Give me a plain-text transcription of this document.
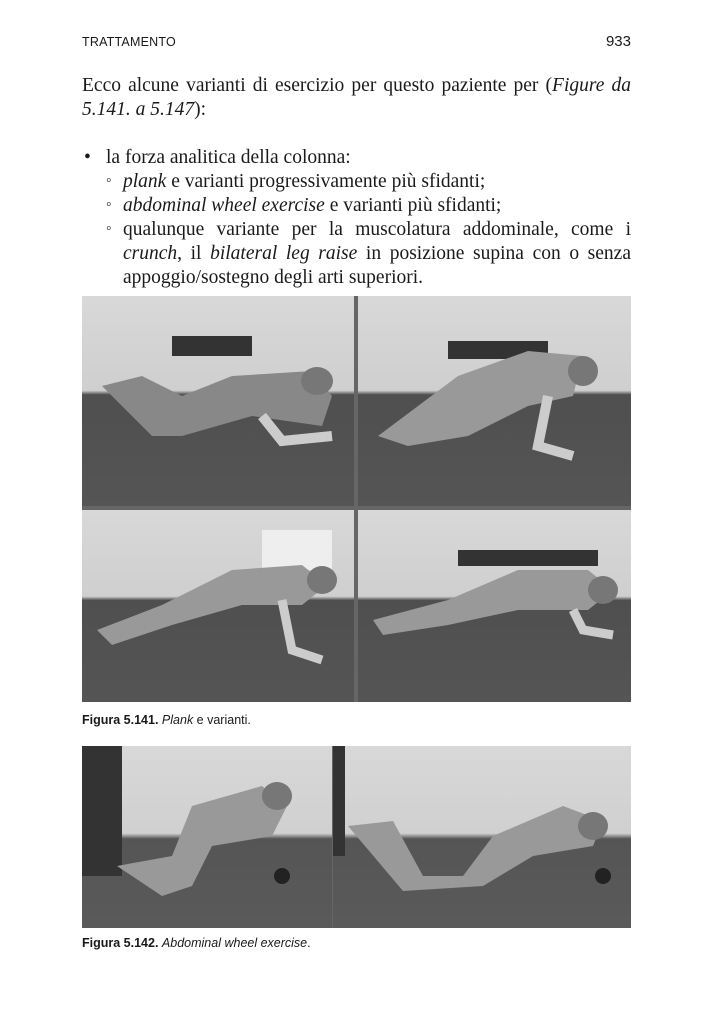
TRATTAMENTO	933

Ecco alcune varianti di esercizio per questo paziente per (Figure da 5.141. a 5.147):

• la forza analitica della colonna:
◦ plank e varianti progressivamente più sfidanti;
◦ abdominal wheel exercise e varianti più sfidanti;
◦ qualunque variante per la muscolatura addominale, come i crunch, il bilateral leg raise in posizione supina con o senza appoggio/sostegno degli arti superiori.
Figura 5.141. Plank e varianti.
Figura 5.142. Abdominal wheel exercise.
